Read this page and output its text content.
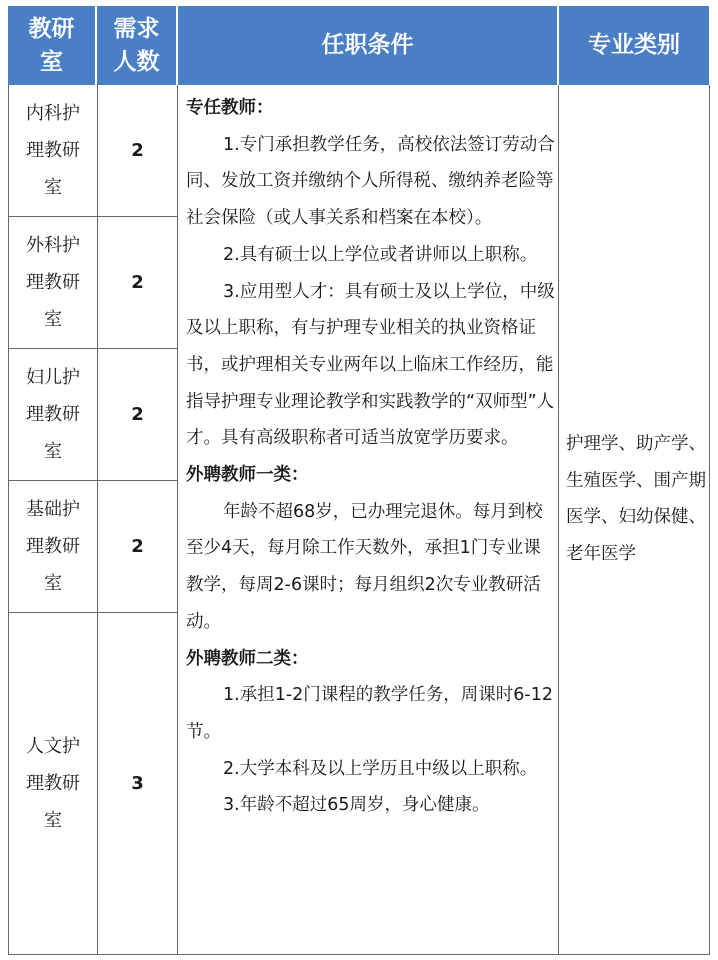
教研室
需求人数
任职条件	专业类别
内科护理教研室
2
外科护理教研室
2
妇儿护理教研室
2
基础护理教研室
2
人文护理教研室
3
专任教师：
1.专门承担教学任务，高校依法签订劳动合同、发放工资并缴纳个人所得税、缴纳养老险等社会保险（或人事关系和档案在本校）。
2.具有硕士以上学位或者讲师以上职称。
3.应用型人才：具有硕士及以上学位，中级及以上职称，有与护理专业相关的执业资格证书，或护理相关专业两年以上临床工作经历，能指导护理专业理论教学和实践教学的“双师型”人才。具有高级职称者可适当放宽学历要求。
外聘教师一类：
年龄不超68岁，已办理完退休。每月到校至少4天，每月除工作天数外，承担1门专业课教学，每周2-6课时；每月组织2次专业教研活动。
外聘教师二类：
1.承担1-2门课程的教学任务，周课时6-12节。
2.大学本科及以上学历且中级以上职称。
3.年龄不超过65周岁，身心健康。
护理学、助产学、生殖医学、围产期医学、妇幼保健、老年医学
